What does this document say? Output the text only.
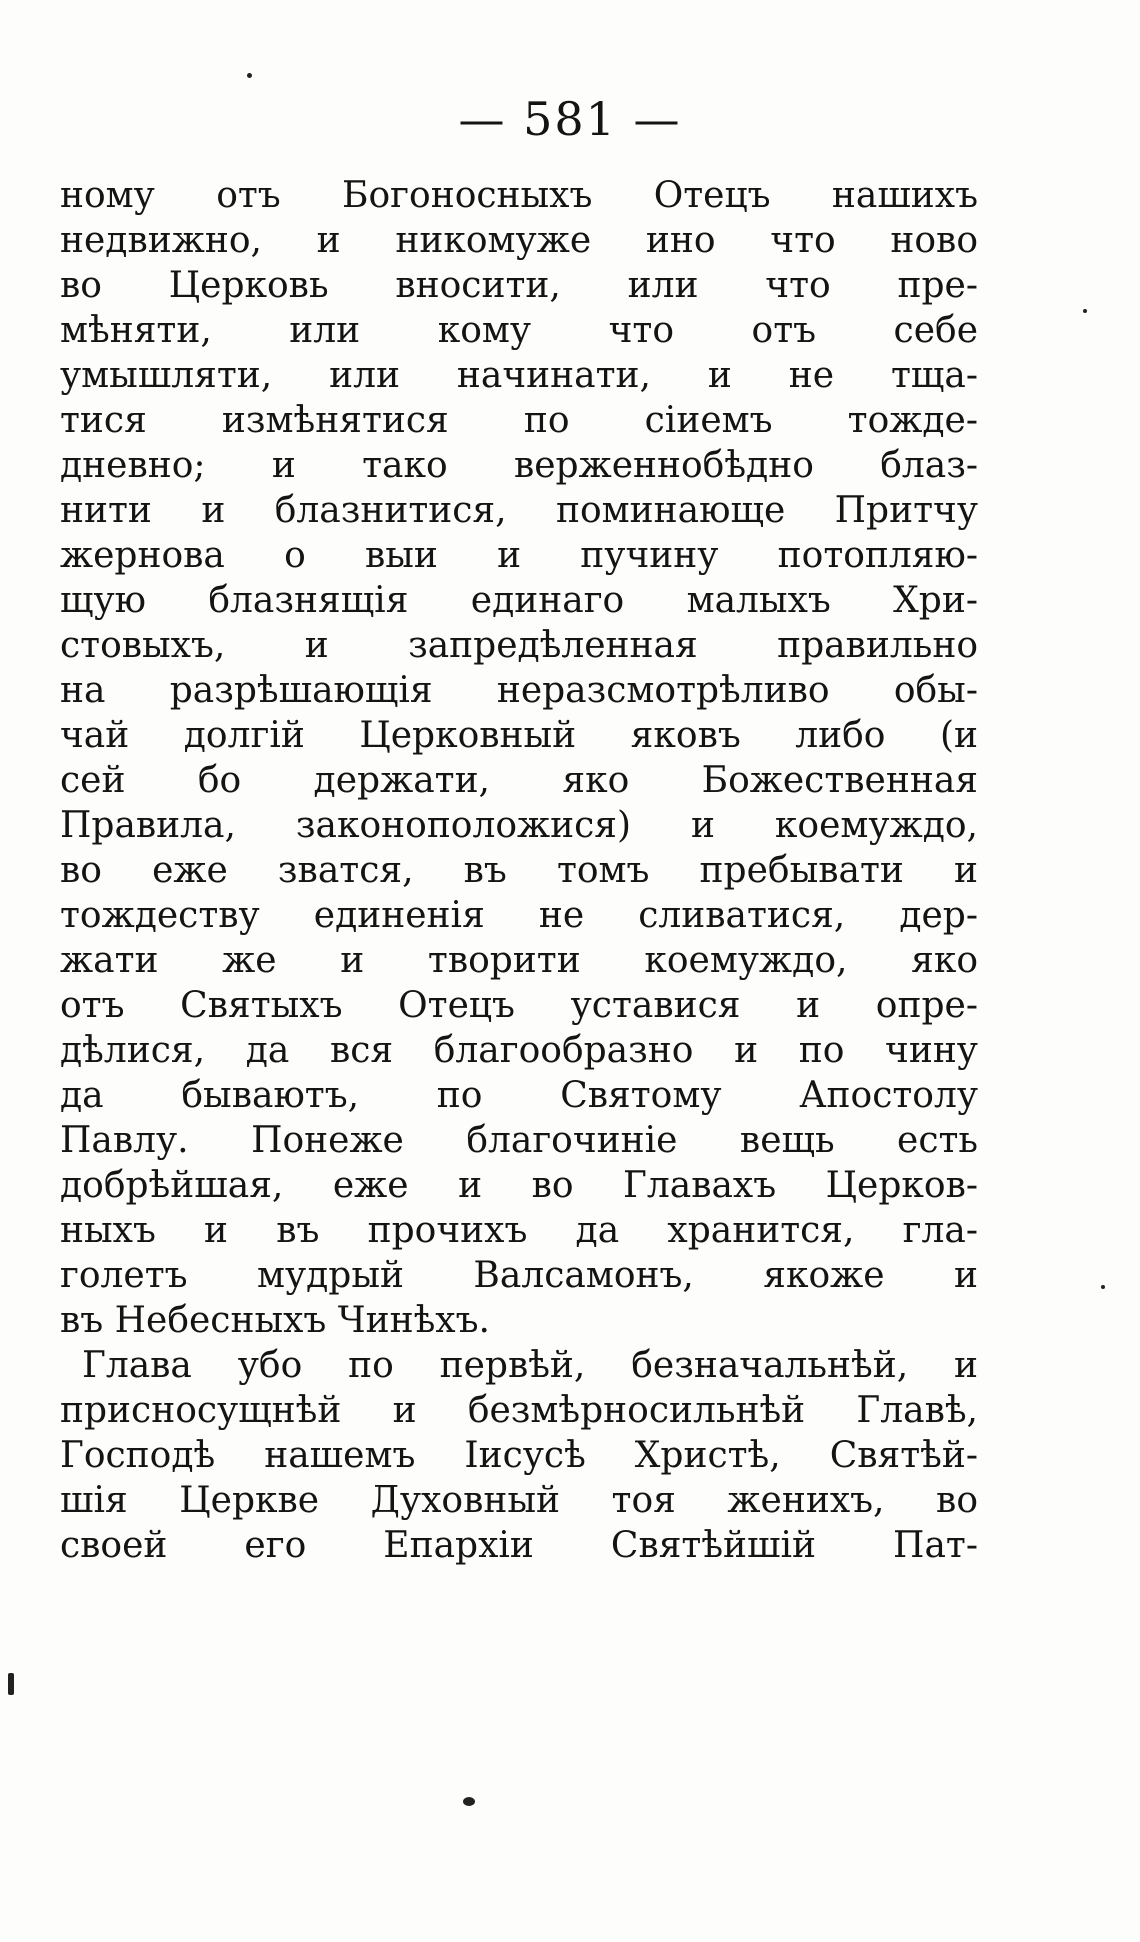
— 581 —
ному отъ Богоносныхъ Отецъ нашихъ
недвижно, и никомуже ино что ново
во Церковь вносити, или что пре-
мѣняти, или кому что отъ себе
умышляти, или начинати, и не тща-
тися измѣнятися по сіиемъ тожде-
дневно; и тако верженнобѣдно блаз-
нити и блазнитися, поминающе Притчу
жернова о выи и пучину потопляю-
щую блазнящія единаго малыхъ Хри-
стовыхъ, и запредѣленная правильно
на разрѣшающія неразсмотрѣливо обы-
чай долгій Церковный яковъ либо (и
сей бо держати, яко Божественная
Правила, законоположися) и коемуждо,
во еже зватся, въ томъ пребывати и
тождеству единенія не сливатися, дер-
жати же и творити коемуждо, яко
отъ Святыхъ Отецъ уставися и опре-
дѣлися, да вся благообразно и по чину
да бываютъ, по Святому Апостолу
Павлу. Понеже благочиніе вещь есть
добрѣйшая, еже и во Главахъ Церков-
ныхъ и въ прочихъ да хранится, гла-
голетъ мудрый Валсамонъ, якоже и
въ Небесныхъ Чинѣхъ.
Глава убо по первѣй, безначальнѣй, и
присносущнѣй и безмѣрносильнѣй Главѣ,
Господѣ нашемъ Іисусѣ Христѣ, Святѣй-
шія Церкве Духовный тоя женихъ, во
своей его Епархіи Святѣйшій Пат-
